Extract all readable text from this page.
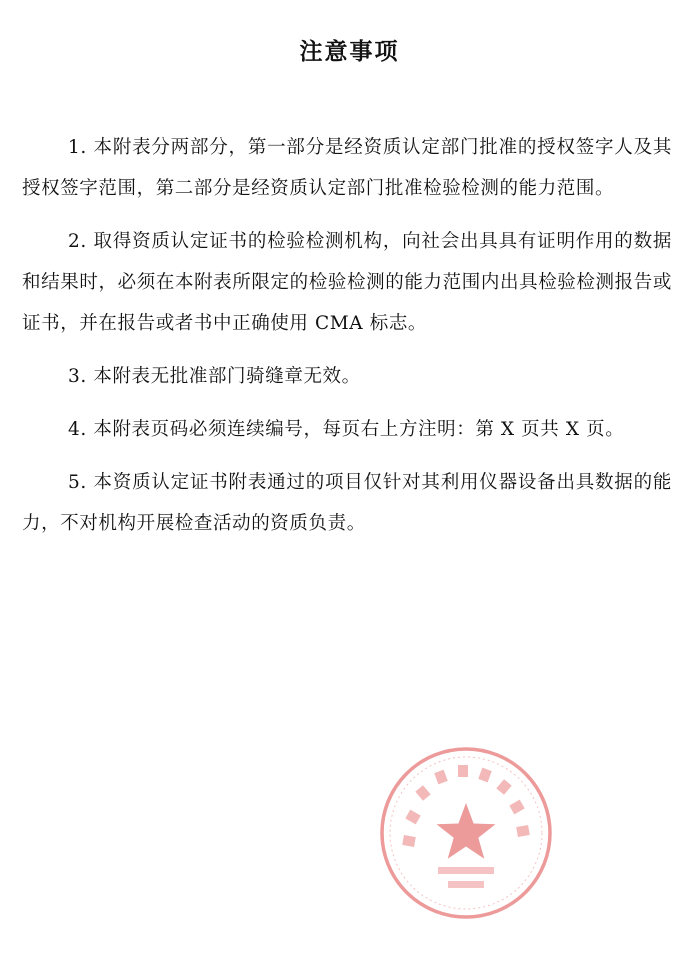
注意事项

1. 本附表分两部分，第一部分是经资质认定部门批准的授权签字人及其授权签字范围，第二部分是经资质认定部门批准检验检测的能力范围。

2. 取得资质认定证书的检验检测机构，向社会出具具有证明作用的数据和结果时，必须在本附表所限定的检验检测的能力范围内出具检验检测报告或证书，并在报告或者书中正确使用 CMA 标志。

3. 本附表无批准部门骑缝章无效。

4. 本附表页码必须连续编号，每页右上方注明：第 X 页共 X 页。

5. 本资质认定证书附表通过的项目仅针对其利用仪器设备出具数据的能力，不对机构开展检查活动的资质负责。
